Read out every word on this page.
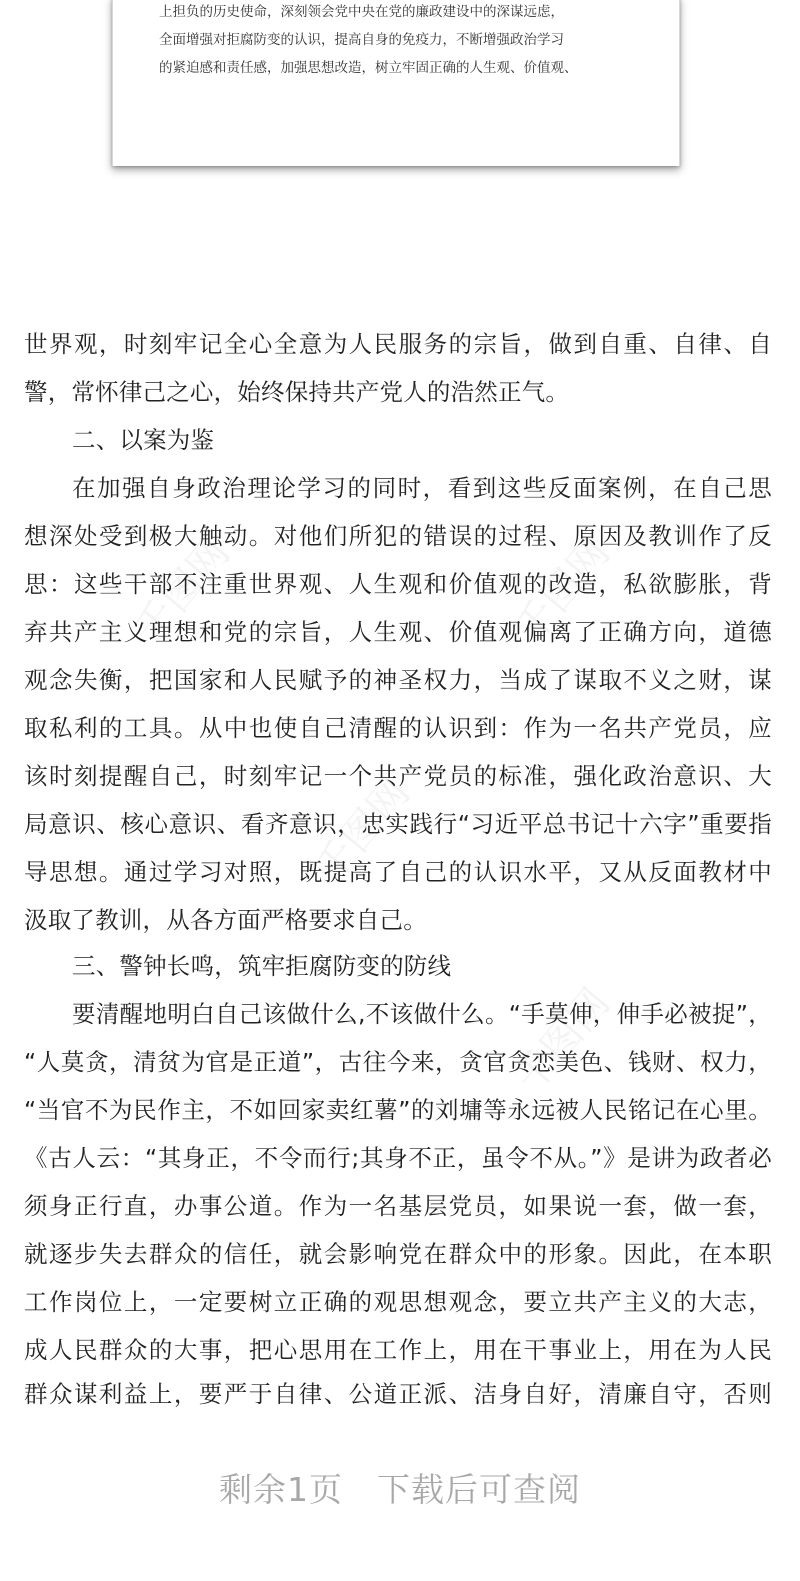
千图网	千图网
千图网
千图网
上担负的历史使命，深刻领会党中央在党的廉政建设中的深谋远虑，
全面增强对拒腐防变的认识，提高自身的免疫力，不断增强政治学习
的紧迫感和责任感，加强思想改造，树立牢固正确的人生观、价值观、
世界观，时刻牢记全心全意为人民服务的宗旨，做到自重、自律、自
警，常怀律己之心，始终保持共产党人的浩然正气。
二、以案为鉴
在加强自身政治理论学习的同时，看到这些反面案例，在自己思
想深处受到极大触动。对他们所犯的错误的过程、原因及教训作了反
思：这些干部不注重世界观、人生观和价值观的改造，私欲膨胀，背
弃共产主义理想和党的宗旨，人生观、价值观偏离了正确方向，道德
观念失衡，把国家和人民赋予的神圣权力，当成了谋取不义之财，谋
取私利的工具。从中也使自己清醒的认识到：作为一名共产党员，应
该时刻提醒自己，时刻牢记一个共产党员的标准，强化政治意识、大
局意识、核心意识、看齐意识，忠实践行“习近平总书记十六字”重要指
导思想。通过学习对照，既提高了自己的认识水平，又从反面教材中
汲取了教训，从各方面严格要求自己。
三、警钟长鸣，筑牢拒腐防变的防线
要清醒地明白自己该做什么,不该做什么。“手莫伸，伸手必被捉”，
“人莫贪，清贫为官是正道”，古往今来，贪官贪恋美色、钱财、权力，
“当官不为民作主，不如回家卖红薯”的刘墉等永远被人民铭记在心里。
《古人云：“其身正，不令而行;其身不正，虽令不从。”》是讲为政者必
须身正行直，办事公道。作为一名基层党员，如果说一套，做一套，
就逐步失去群众的信任，就会影响党在群众中的形象。因此，在本职
工作岗位上，一定要树立正确的观思想观念，要立共产主义的大志，
成人民群众的大事，把心思用在工作上，用在干事业上，用在为人民
群众谋利益上，要严于自律、公道正派、洁身自好，清廉自守，否则
剩余1页 下载后可查阅
